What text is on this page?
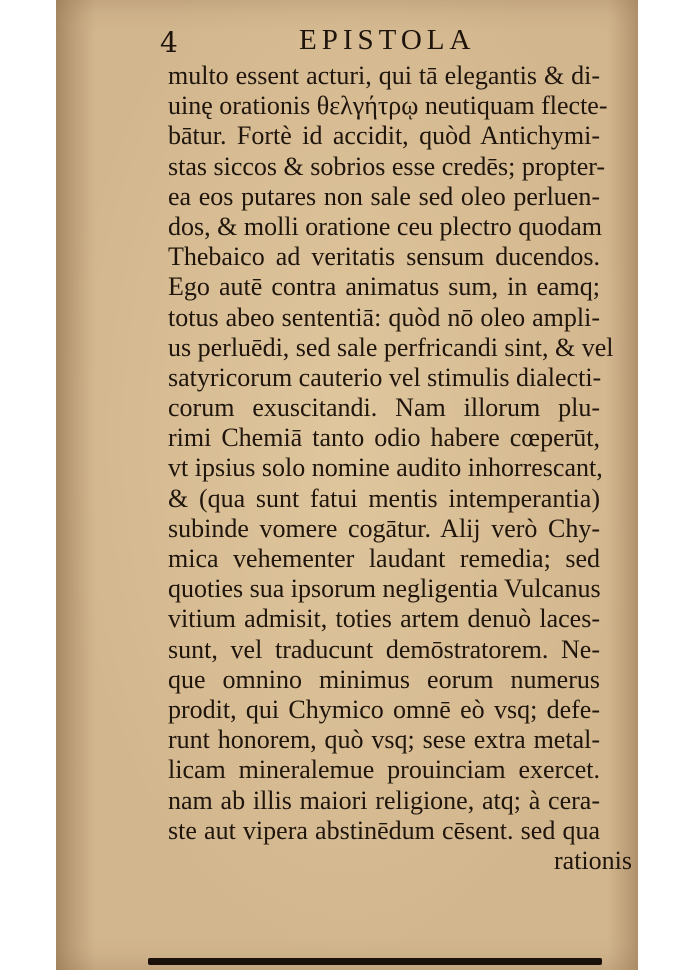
4	EPISTOLA
multo essent acturi, qui tā elegantis & di-
uinę orationis θελγήτρῳ neutiquam flecte-
bātur. Fortè id accidit, quòd Antichymi-
stas siccos & sobrios esse credēs; propter-
ea eos putares non sale sed oleo perluen-
dos, & molli oratione ceu plectro quodam
Thebaico ad veritatis sensum ducendos.
Ego autē contra animatus sum, in eamq;
totus abeo sententiā: quòd nō oleo ampli-
us perluēdi, sed sale perfricandi sint, & vel
satyricorum cauterio vel stimulis dialecti-
corum exuscitandi. Nam illorum plu-
rimi Chemiā tanto odio habere cœperūt,
vt ipsius solo nomine audito inhorrescant,
& (qua sunt fatui mentis intemperantia)
subinde vomere cogātur. Alij verò Chy-
mica vehementer laudant remedia; sed
quoties sua ipsorum negligentia Vulcanus
vitium admisit, toties artem denuò laces-
sunt, vel traducunt demōstratorem. Ne-
que omnino minimus eorum numerus
prodit, qui Chymico omnē eò vsq; defe-
runt honorem, quò vsq; sese extra metal-
licam mineralemue prouinciam exercet.
nam ab illis maiori religione, atq; à cera-
ste aut vipera abstinēdum cēsent. sed qua
rationis
